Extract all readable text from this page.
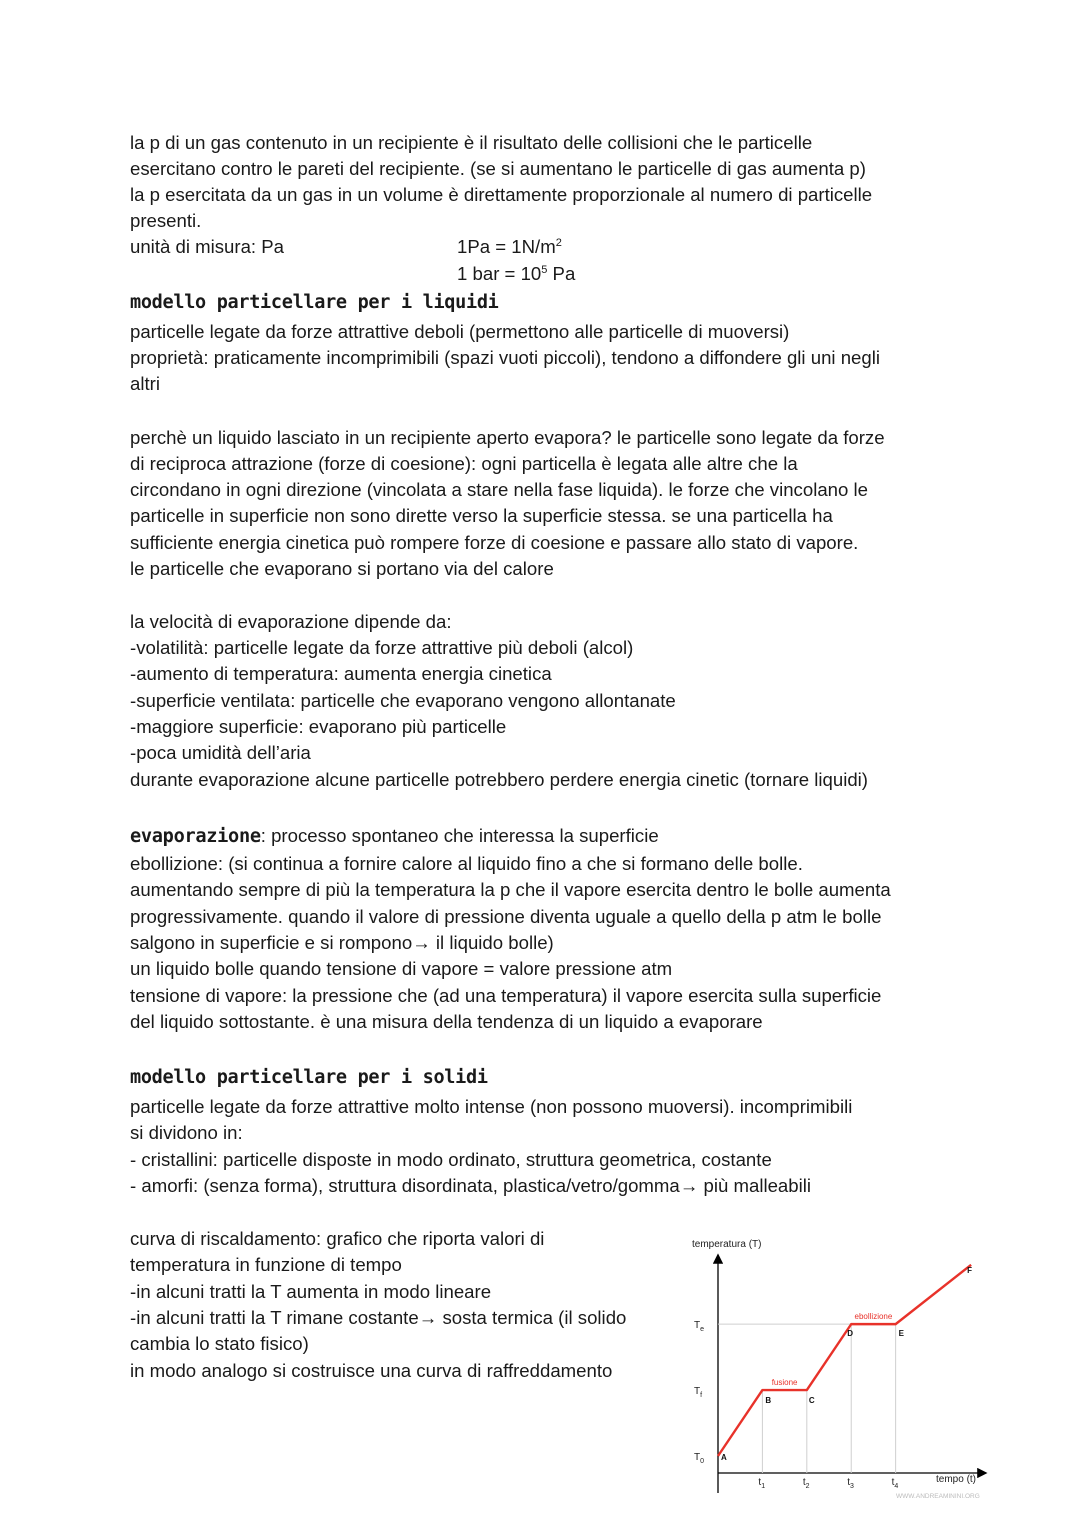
la p di un gas contenuto in un recipiente è il risultato delle collisioni che le particelle
esercitano contro le pareti del recipiente. (se si aumentano le particelle di gas aumenta p)
la p esercitata da un gas in un volume è direttamente proporzionale al numero di particelle
presenti.
unità di misura: Pa	$1Pa = 1N/m^2$
1 bar = $10^5$ Pa
modello particellare per i liquidi
particelle legate da forze attrattive deboli (permettono alle particelle di muoversi)
proprietà: praticamente incomprimibili (spazi vuoti piccoli), tendono a diffondere gli uni negli
altri
perchè un liquido lasciato in un recipiente aperto evapora? le particelle sono legate da forze
di reciproca attrazione (forze di coesione): ogni particella è legata alle altre che la
circondano in ogni direzione (vincolata a stare nella fase liquida). le forze che vincolano le
particelle in superficie non sono dirette verso la superficie stessa. se una particella ha
sufficiente energia cinetica può rompere forze di coesione e passare allo stato di vapore.
le particelle che evaporano si portano via del calore
la velocità di evaporazione dipende da:
-volatilità: particelle legate da forze attrattive più deboli (alcol)
-aumento di temperatura: aumenta energia cinetica
-superficie ventilata: particelle che evaporano vengono allontanate
-maggiore superficie: evaporano più particelle
-poca umidità dell’aria
durante evaporazione alcune particelle potrebbero perdere energia cinetic (tornare liquidi)
evaporazione: processo spontaneo che interessa la superficie
ebollizione: (si continua a fornire calore al liquido fino a che si formano delle bolle.
aumentando sempre di più la temperatura la p che il vapore esercita dentro le bolle aumenta
progressivamente. quando il valore di pressione diventa uguale a quello della p atm le bolle
salgono in superficie e si rompono→ il liquido bolle)
un liquido bolle quando tensione di vapore = valore pressione atm
tensione di vapore: la pressione che (ad una temperatura) il vapore esercita sulla superficie
del liquido sottostante. è una misura della tendenza di un liquido a evaporare
modello particellare per i solidi
particelle legate da forze attrattive molto intense (non possono muoversi). incomprimibili
si dividono in:
- cristallini: particelle disposte in modo ordinato, struttura geometrica, costante
- amorfi: (senza forma), struttura disordinata, plastica/vetro/gomma→ più malleabili
curva di riscaldamento: grafico che riporta valori di
temperatura in funzione di tempo
-in alcuni tratti la T aumenta in modo lineare
-in alcuni tratti la T rimane costante→ sosta termica (il solido
cambia lo stato fisico)
in modo analogo si costruisce una curva di raffreddamento
temperatura (T)
tempo (t)
$T_0$
$T_f$
$T_e$
$t_1$	$t_2$	$t_3$	$t_4$
A
B	C
D	E
F
fusione
ebollizione
WWW.ANDREAMININI.ORG
